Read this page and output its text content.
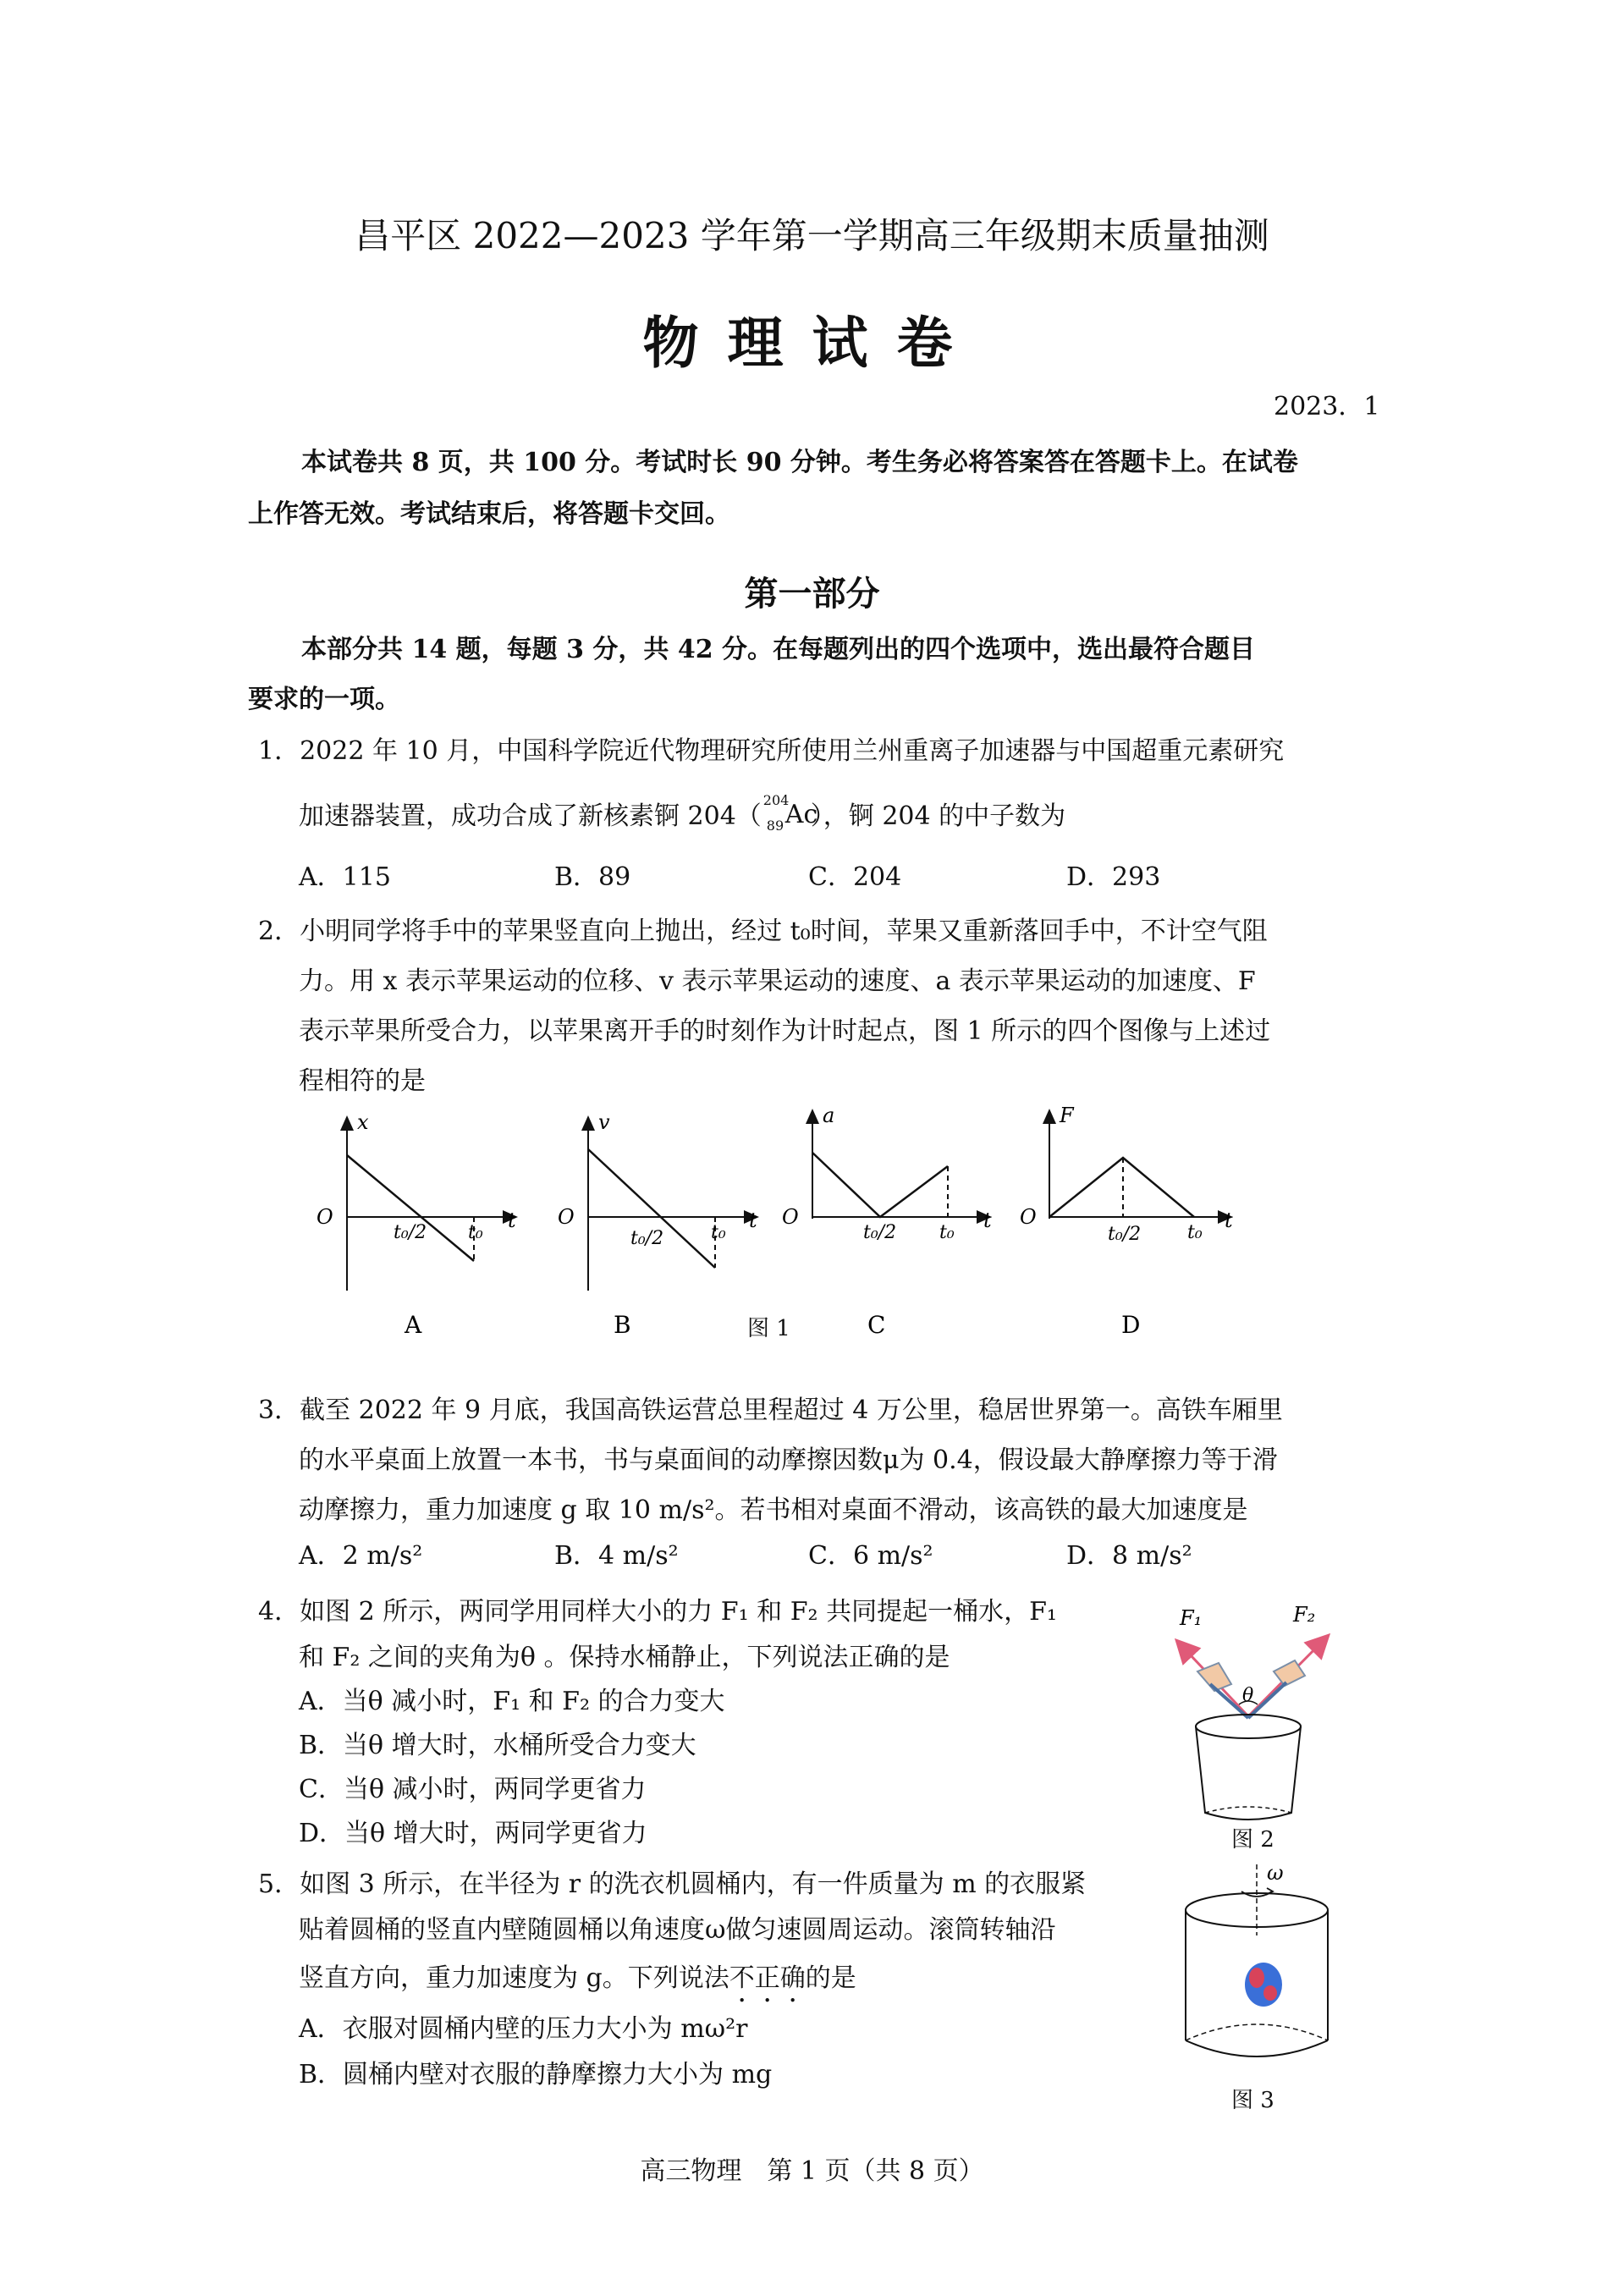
昌平区 2022—2023 学年第一学期高三年级期末质量抽测
物理试卷
2023．1
本试卷共 8 页，共 100 分。考试时长 90 分钟。考生务必将答案答在答题卡上。在试卷
上作答无效。考试结束后，将答题卡交回。
第一部分
本部分共 14 题，每题 3 分，共 42 分。在每题列出的四个选项中，选出最符合题目
要求的一项。
1．2022 年 10 月，中国科学院近代物理研究所使用兰州重离子加速器与中国超重元素研究
加速器装置，成功合成了新核素锕 204（
204
89 Ac
），锕 204 的中子数为
A．115	B．89	C．204	D．293
2．小明同学将手中的苹果竖直向上抛出，经过 t₀时间，苹果又重新落回手中，不计空气阻
力。用 x 表示苹果运动的位移、v 表示苹果运动的速度、a 表示苹果运动的加速度、F
表示苹果所受合力，以苹果离开手的时刻作为计时起点，图 1 所示的四个图像与上述过
程相符的是
x
O
t₀/2 t₀
t
A
v
O
t₀/2	t₀
t
B
a
O
t₀/2 t₀
t
C
F
O
t₀/2 t₀
t
D
图 1
3．截至 2022 年 9 月底，我国高铁运营总里程超过 4 万公里，稳居世界第一。高铁车厢里
的水平桌面上放置一本书，书与桌面间的动摩擦因数μ为 0.4，假设最大静摩擦力等于滑
动摩擦力，重力加速度 g 取 10 m/s²。若书相对桌面不滑动，该高铁的最大加速度是
A．2 m/s²	B．4 m/s²	C．6 m/s²	D．8 m/s²
4．如图 2 所示，两同学用同样大小的力 F₁ 和 F₂ 共同提起一桶水，F₁
和 F₂ 之间的夹角为θ 。保持水桶静止，下列说法正确的是
A．当θ 减小时，F₁ 和 F₂ 的合力变大
B．当θ 增大时，水桶所受合力变大
C．当θ 减小时，两同学更省力
D．当θ 增大时，两同学更省力
F₁	F₂
θ
图 2
5．如图 3 所示，在半径为 r 的洗衣机圆桶内，有一件质量为 m 的衣服紧
贴着圆桶的竖直内壁随圆桶以角速度ω做匀速圆周运动。滚筒转轴沿
竖直方向，重力加速度为 g。下列说法不正确的是
A．衣服对圆桶内壁的压力大小为 mω²r
B．圆桶内壁对衣服的静摩擦力大小为 mg
ω
图 3
高三物理　第 1 页（共 8 页）
